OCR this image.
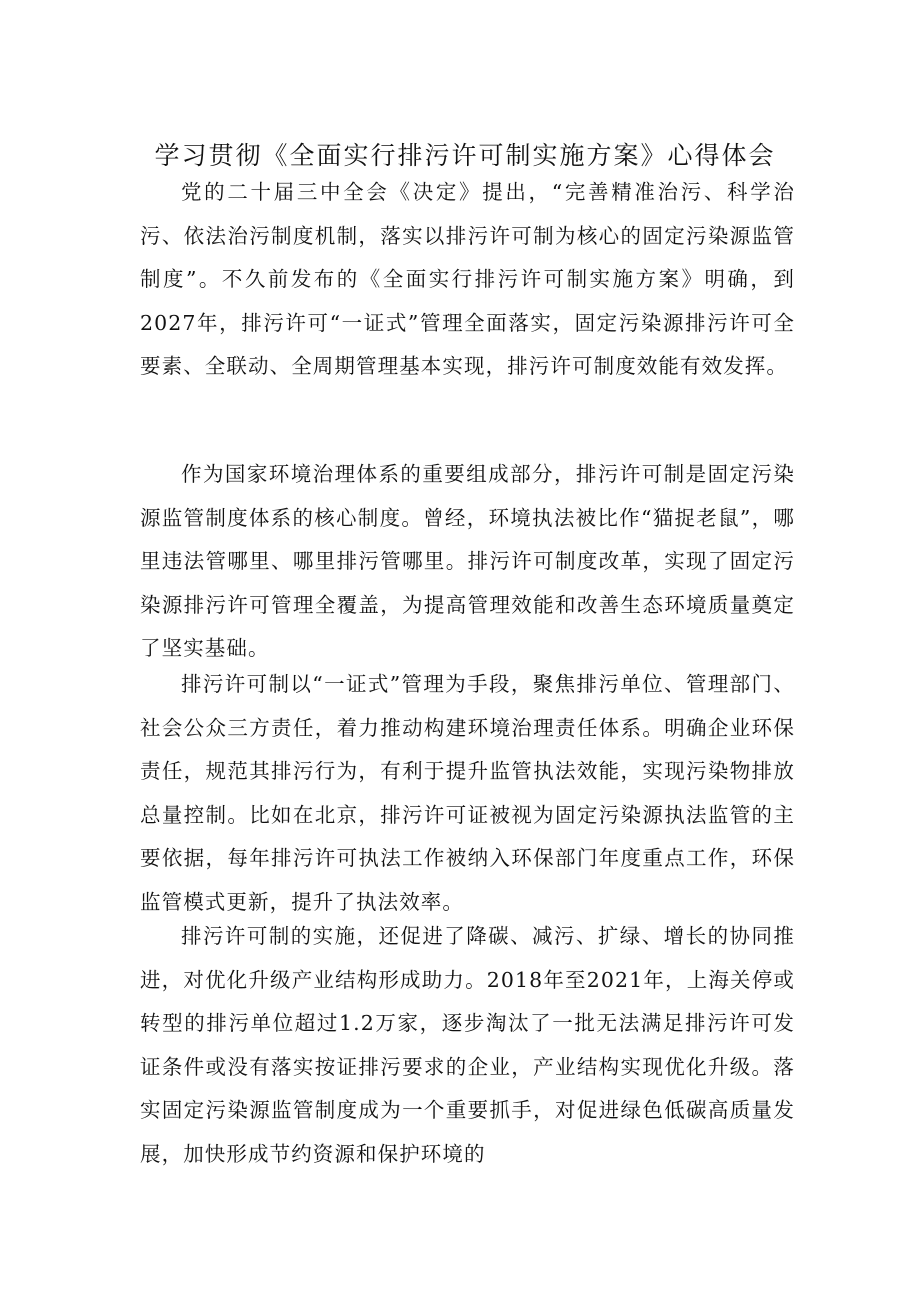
学习贯彻《全面实行排污许可制实施方案》心得体会

党的二十届三中全会《决定》提出，“完善精准治污、科学治污、依法治污制度机制，落实以排污许可制为核心的固定污染源监管制度”。不久前发布的《全面实行排污许可制实施方案》明确，到2027年，排污许可“一证式”管理全面落实，固定污染源排污许可全要素、全联动、全周期管理基本实现，排污许可制度效能有效发挥。

作为国家环境治理体系的重要组成部分，排污许可制是固定污染源监管制度体系的核心制度。曾经，环境执法被比作“猫捉老鼠”，哪里违法管哪里、哪里排污管哪里。排污许可制度改革，实现了固定污染源排污许可管理全覆盖，为提高管理效能和改善生态环境质量奠定了坚实基础。

排污许可制以“一证式”管理为手段，聚焦排污单位、管理部门、社会公众三方责任，着力推动构建环境治理责任体系。明确企业环保责任，规范其排污行为，有利于提升监管执法效能，实现污染物排放总量控制。比如在北京，排污许可证被视为固定污染源执法监管的主要依据，每年排污许可执法工作被纳入环保部门年度重点工作，环保监管模式更新，提升了执法效率。

排污许可制的实施，还促进了降碳、减污、扩绿、增长的协同推进，对优化升级产业结构形成助力。2018年至2021年，上海关停或转型的排污单位超过1.2万家，逐步淘汰了一批无法满足排污许可发证条件或没有落实按证排污要求的企业，产业结构实现优化升级。落实固定污染源监管制度成为一个重要抓手，对促进绿色低碳高质量发展，加快形成节约资源和保护环境的
